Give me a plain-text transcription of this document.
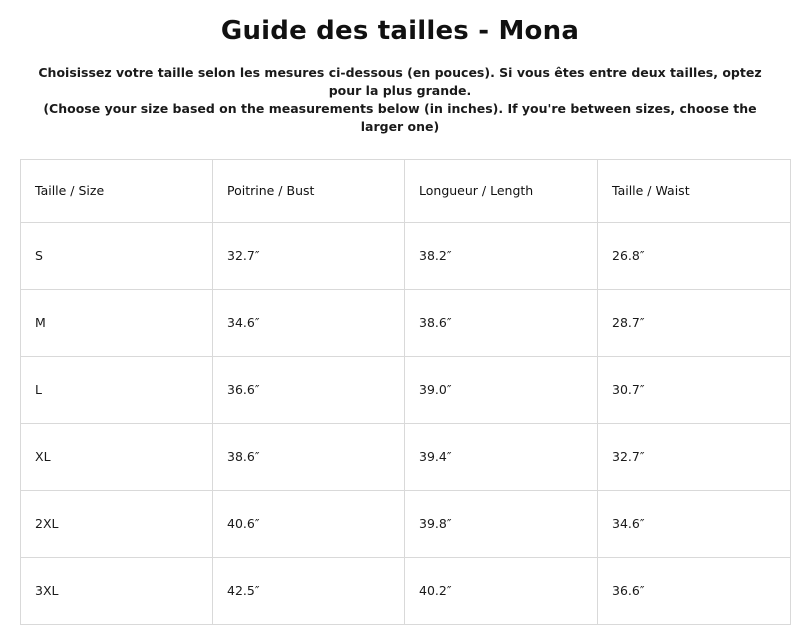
Guide des tailles - Mona
Choisissez votre taille selon les mesures ci-dessous (en pouces). Si vous êtes entre deux tailles, optez pour la plus grande.
(Choose your size based on the measurements below (in inches). If you're between sizes, choose the larger one)
Taille / Size	Poitrine / Bust	Longueur / Length	Taille / Waist
S	32.7″	38.2″	26.8″
M	34.6″	38.6″	28.7″
L	36.6″	39.0″	30.7″
XL	38.6″	39.4″	32.7″
2XL	40.6″	39.8″	34.6″
3XL	42.5″	40.2″	36.6″
